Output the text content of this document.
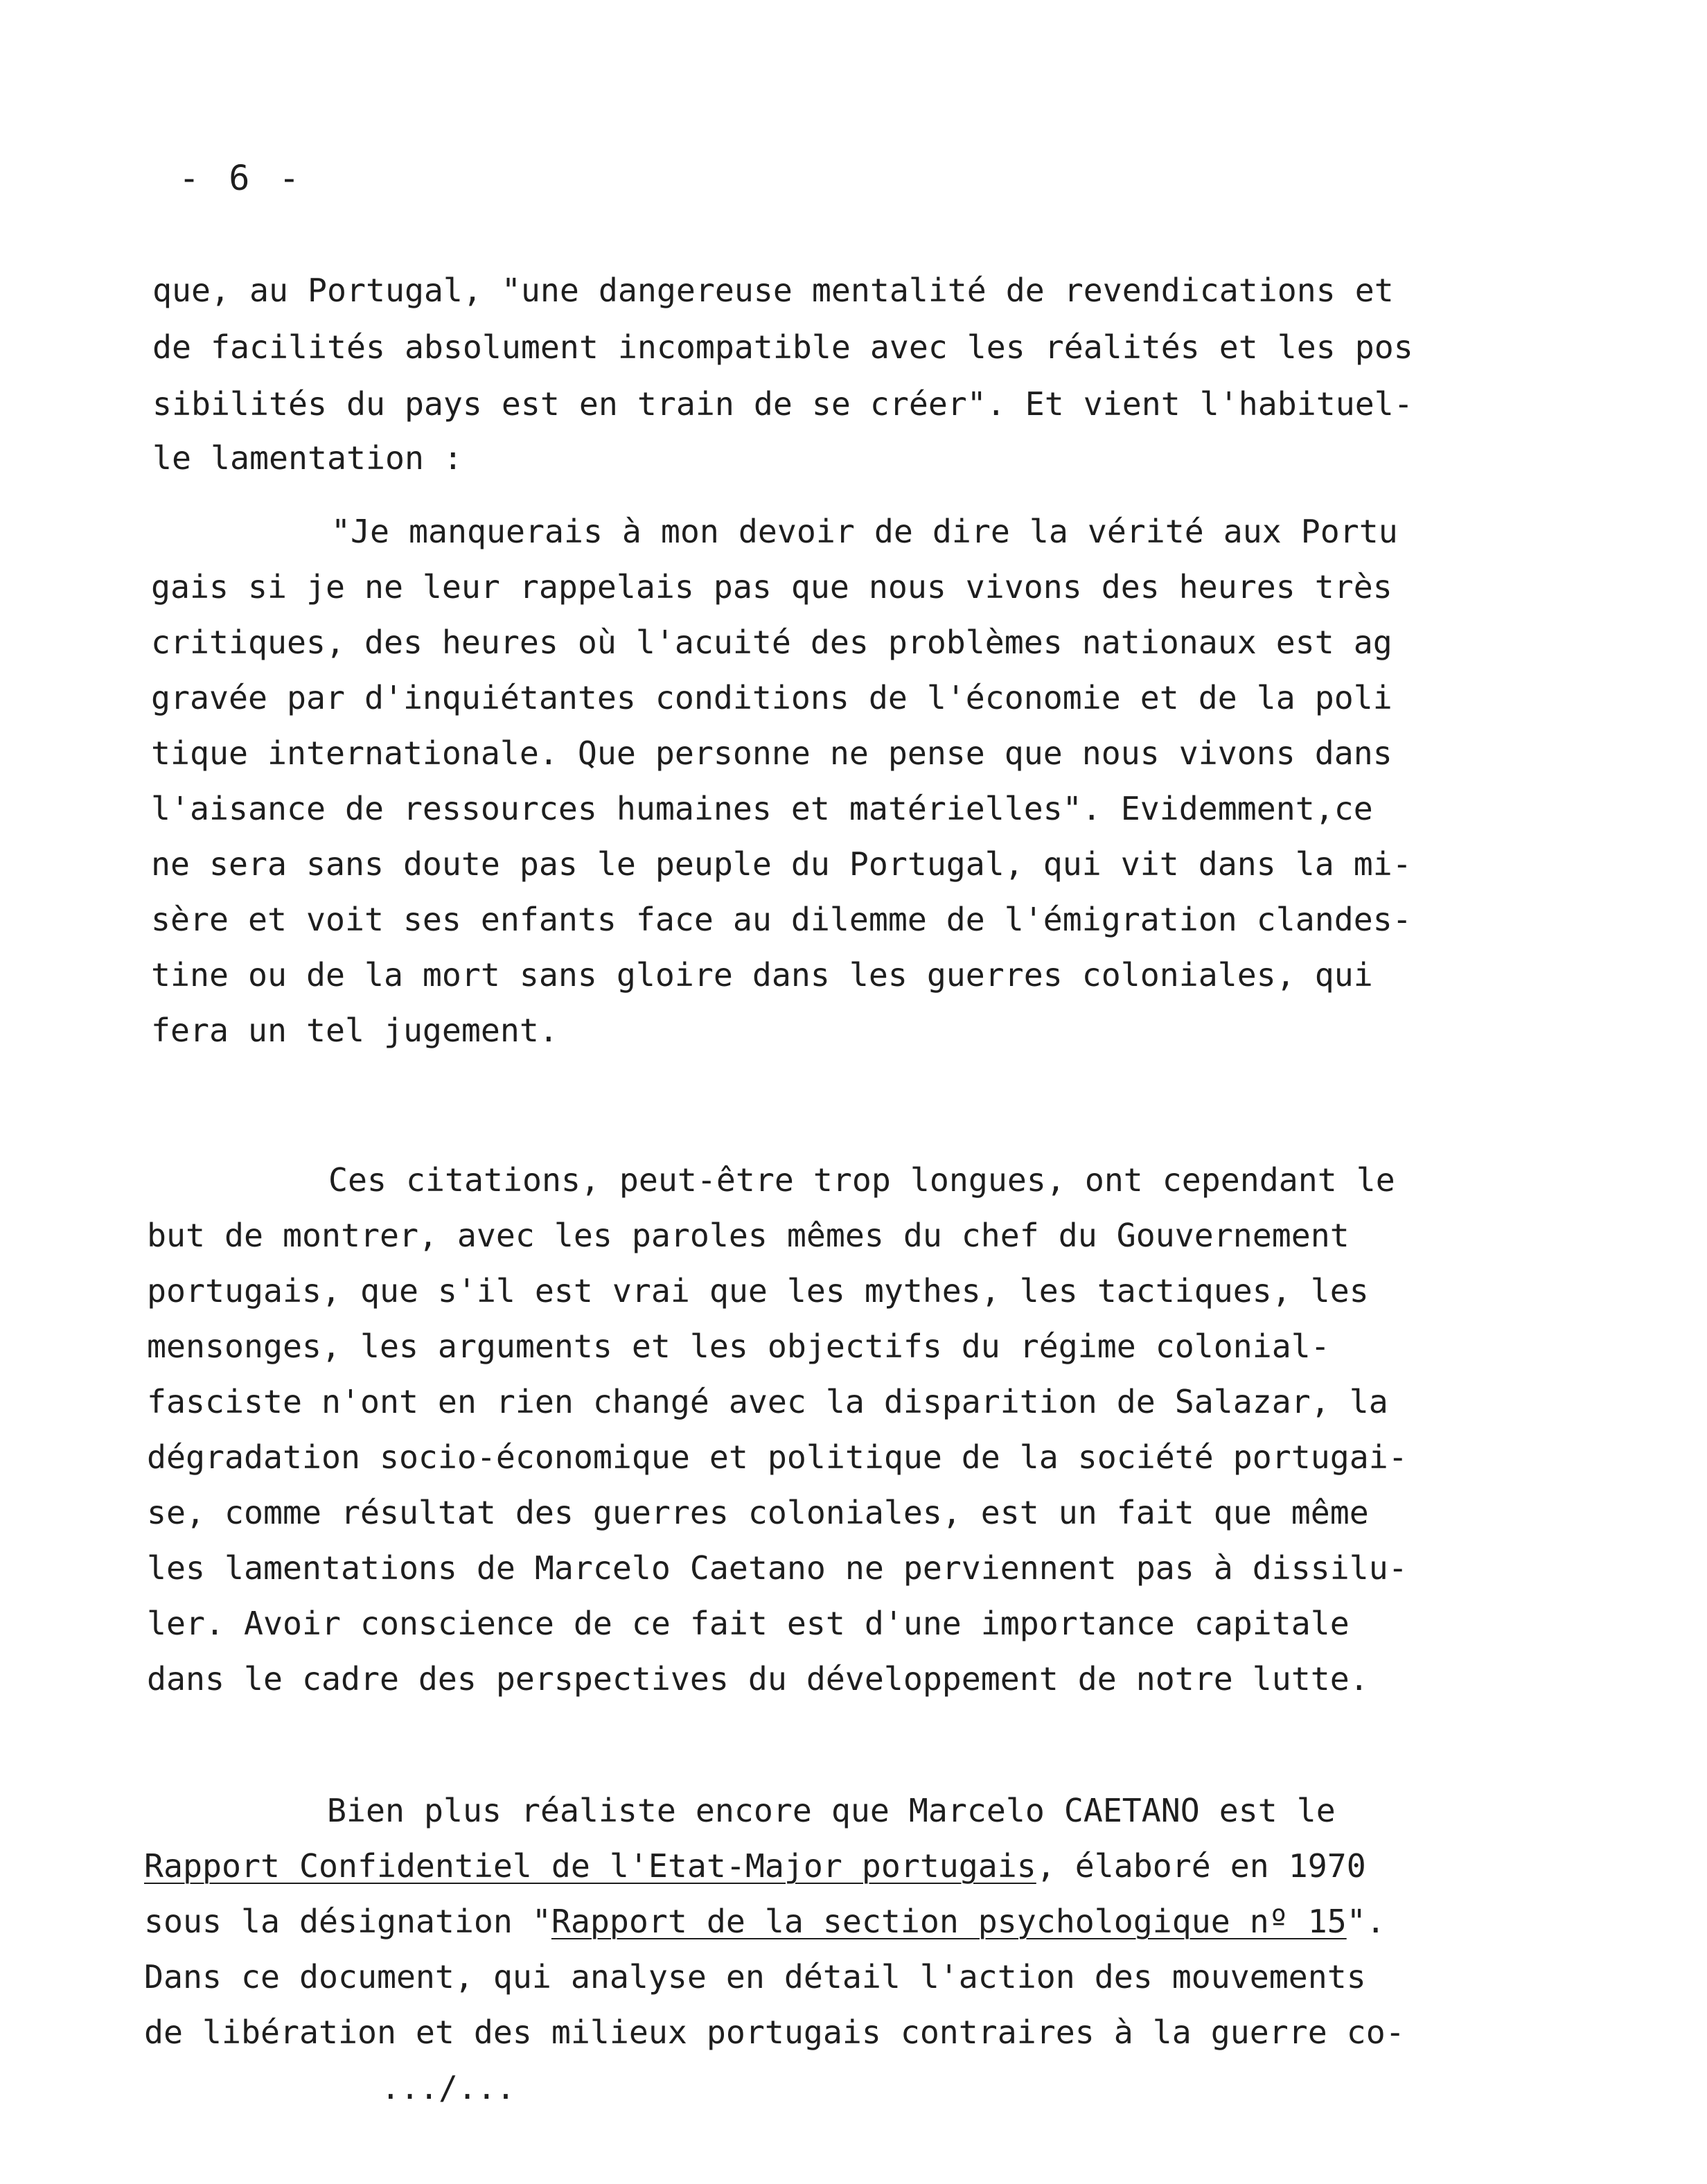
- 6 -
que, au Portugal, "une dangereuse mentalité de revendications et
de facilités absolument incompatible avec les réalités et les pos
sibilités du pays est en train de se créer". Et vient l'habituel-
le lamentation :
"Je manquerais à mon devoir de dire la vérité aux Portu
gais si je ne leur rappelais pas que nous vivons des heures très
critiques, des heures où l'acuité des problèmes nationaux est ag
gravée par d'inquiétantes conditions de l'économie et de la poli
tique internationale. Que personne ne pense que nous vivons dans
l'aisance de ressources humaines et matérielles". Evidemment,ce
ne sera sans doute pas le peuple du Portugal, qui vit dans la mi-
sère et voit ses enfants face au dilemme de l'émigration clandes-
tine ou de la mort sans gloire dans les guerres coloniales, qui
fera un tel jugement.
Ces citations, peut-être trop longues, ont cependant le
but de montrer, avec les paroles mêmes du chef du Gouvernement
portugais, que s'il est vrai que les mythes, les tactiques, les
mensonges, les arguments et les objectifs du régime colonial-
fasciste n'ont en rien changé avec la disparition de Salazar, la
dégradation socio-économique et politique de la société portugai-
se, comme résultat des guerres coloniales, est un fait que même
les lamentations de Marcelo Caetano ne perviennent pas à dissilu-
ler. Avoir conscience de ce fait est d'une importance capitale
dans le cadre des perspectives du développement de notre lutte.
Bien plus réaliste encore que Marcelo CAETANO est le
Rapport Confidentiel de l'Etat-Major portugais, élaboré en 1970
sous la désignation "Rapport de la section psychologique nº 15".
Dans ce document, qui analyse en détail l'action des mouvements
de libération et des milieux portugais contraires à la guerre co-
.../...
